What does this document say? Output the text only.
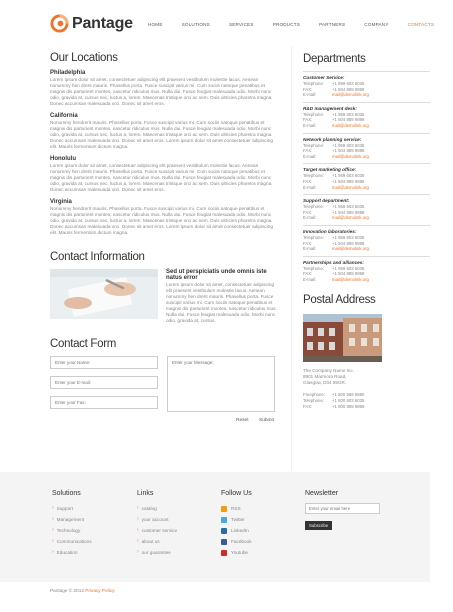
Pantage	HOME	SOLUTIONS	SERVICES	PRODUCTS	PARTNERS	COMPANY	CONTACTS
Our Locations
Philadelphia

Lorem ipsum dolor sit amet, consectetuer adipiscing elit praesent vestibulum molestie lacus. Aenean nonummy hen drerit mauris. Phasellus porta. Fusce suscipit varius mi. Cum sociis natoque penatibus et magnis dis parturient montes, nascetur ridiculus mus. Nulla dui. Fusce feugiat malesuada odio. Morbi nunc odio, gravida at, cursus nec, luctus a, lorem. Maecenas tristique orci ac sem. Duis ultricies pharetra magna. Donec accumsan malesuada orci. Donec sit amet eros.

California

Nonummy hendrerit mauris. Phasellus porta. Fusce suscipit varius mi. Cum sociis natoque penatibus et magnis dis parturient montes, nascetur ridiculus mus. Nulla dui. Fusce feugiat malesuada odio. Morbi nunc odio, gravida at, cursus nec, luctus a, lorem. Maecenas tristique orci ac sem. Duis ultricies pharetra magna. Donec accumsan malesuada orci. Donec sit amet eros. Lorem ipsum dolor sit amet consectetuer adipiscing elit. Mauris fermentum dictum magna.

Honolulu

Lorem ipsum dolor sit amet, consectetuer adipiscing elit praesent vestibulum molestie lacus. Aenean nonummy hen drerit mauris. Phasellus porta. Fusce suscipit varius mi. Cum sociis natoque penatibus et magnis dis parturient montes, nascetur ridiculus mus. Nulla dui. Fusce feugiat malesuada odio. Morbi nunc odio, gravida at, cursus nec, luctus a, lorem. Maecenas tristique orci ac sem. Duis ultricies pharetra magna. Donec accumsan malesuada orci. Donec sit amet eros.

Virginia

Nonummy hendrerit mauris. Phasellus porta. Fusce suscipit varius mi. Cum sociis natoque penatibus et magnis dis parturient montes, nascetur ridiculus mus. Nulla dui. Fusce feugiat malesuada odio. Morbi nunc odio, gravida at, cursus nec, luctus a, lorem. Maecenas tristique orci ac sem. Duis ultricies pharetra magna. Donec accumsan malesuada orci. Donec sit amet eros. Lorem ipsum dolor sit amet consectetuer adipiscing elit. Mauris fermentum dictum magna.

Contact Information
Sed ut perspiciatis unde omnis iste natus error

Lorem ipsum dolor sit amet, consectetuer adipiscing elit praesent vestibulum molestie lacus. Aenean nonummy hen drerit mauris. Phasellus porta. Fusce suscipit varius mi. Cum sociis natoque penatibus et magnis dis parturient montes, nascetur ridiculus mus. Nulla dui. Fusce feugiat malesuada odio. Morbi nunc odio, gravida at, cursus.

Contact Form
Enter your Name:
Enter your E-mail:
Enter your Fax:
Enter your Message:
Reset Submit
Departments
Customer Service:
Telephone:	+1 959 603 6035
FAX:	+1 504 889 9898
E-mail:	mail@demolink.org
R&D management desk:
Telephone:	+1 959 603 6035
FAX:	+1 504 889 9898
E-mail:	mail@demolink.org
Network planning service:
Telephone:	+1 959 603 6035
FAX:	+1 504 889 9898
E-mail:	mail@demolink.org
Target marketing office:
Telephone:	+1 959 603 6035
FAX:	+1 504 889 9898
E-mail:	mail@demolink.org
Support department:
Telephone:	+1 959 603 6035
FAX:	+1 504 889 9898
E-mail:	mail@demolink.org
Innovation laboratories:
Telephone:	+1 959 603 6035
FAX:	+1 504 889 9898
E-mail:	mail@demolink.org
Partnerships and alliances:
Telephone:	+1 959 603 6035
FAX:	+1 504 889 9898
E-mail:	mail@demolink.org
Postal Address
The Company Name Inc.
8901 Marmora Road,
Glasgow, D04 89GR.
Freephone:	+1 800 559 6580
Telephone:	+1 800 603 6035
FAX:	+1 800 889 9898
Solutions
› Support
› Management
› Technology
› Communications
› Education
Links
› catalog
› your account
› customer service
› about us
› our guarantee
Follow Us
RSS
Twitter
LinkedIn
Facebook
Youtube
Newsletter
Enter your email here Subscribe
Pantage © 2012 Privacy Policy
